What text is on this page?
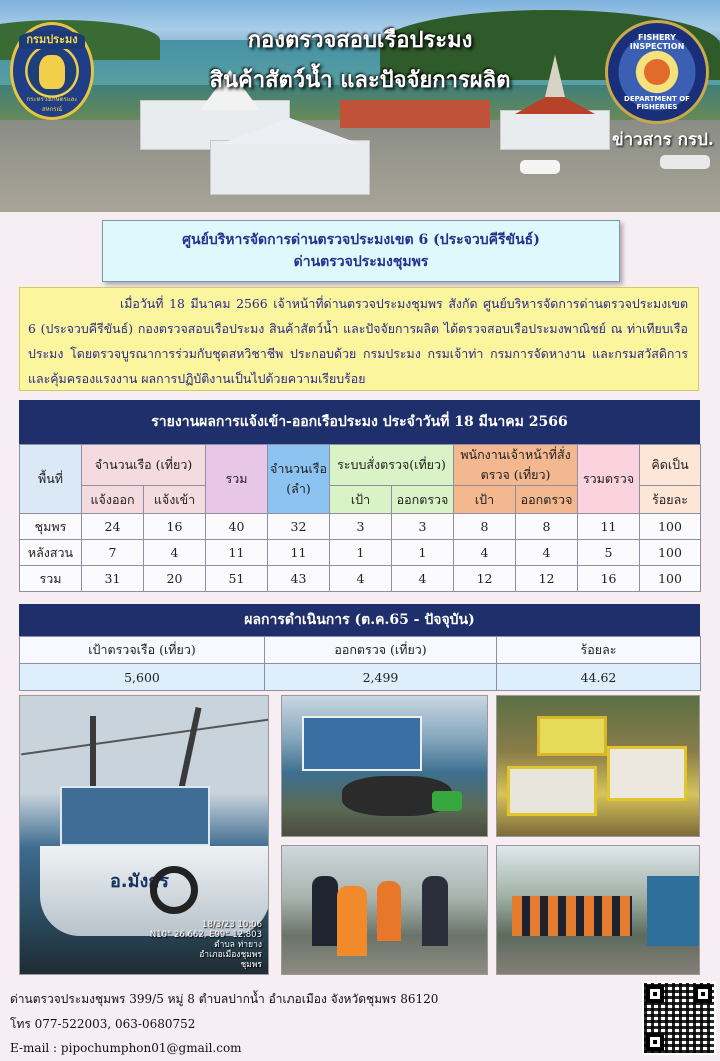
กรมประมง
กระทรวงเกษตรและสหกรณ์
กองตรวจสอบเรือประมง
สินค้าสัตว์น้ำ และปัจจัยการผลิต
FISHERY INSPECTION
DEPARTMENT OF FISHERIES
ข่าวสาร กรป.
ศูนย์บริหารจัดการด่านตรวจประมงเขต 6 (ประจวบคีรีขันธ์)
ด่านตรวจประมงชุมพร

เมื่อวันที่ 18 มีนาคม 2566 เจ้าหน้าที่ด่านตรวจประมงชุมพร สังกัด ศูนย์บริหารจัดการด่านตรวจประมงเขต 6 (ประจวบคีรีขันธ์) กองตรวจสอบเรือประมง สินค้าสัตว์น้ำ และปัจจัยการผลิต ได้ตรวจสอบเรือประมงพาณิชย์ ณ ท่าเทียบเรือประมง โดยตรวจบูรณาการร่วมกับชุดสหวิชาชีพ ประกอบด้วย กรมประมง กรมเจ้าท่า กรมการจัดหางาน และกรมสวัสดิการและคุ้มครองแรงงาน ผลการปฏิบัติงานเป็นไปด้วยความเรียบร้อย

รายงานผลการแจ้งเข้า-ออกเรือประมง ประจำวันที่ 18 มีนาคม 2566
พื้นที่	จำนวนเรือ (เที่ยว)		รวม	จำนวนเรือ (ลำ)	ระบบสั่งตรวจ(เที่ยว)		พนักงานเจ้าหน้าที่สั่งตรวจ (เที่ยว)		รวมตรวจ	คิดเป็น
	แจ้งออก	แจ้งเข้า			เป้า	ออกตรวจ	เป้า	ออกตรวจ		ร้อยละ
ชุมพร	24	16	40	32	3	3	8	8	11	100
หลังสวน	7	4	11	11	1	1	4	4	5	100
รวม	31	20	51	43	4	4	12	12	16	100
ผลการดำเนินการ (ต.ค.65 - ปัจจุบัน)
เป้าตรวจเรือ (เที่ยว)	ออกตรวจ (เที่ยว)	ร้อยละ
5,600	2,499	44.62
อ.มังกร
18/3/23 10:06
N10° 26.662, E99° 12.803
ตำบล ท่ายาง
อำเภอเมืองชุมพร
ชุมพร
ด่านตรวจประมงชุมพร 399/5 หมู่ 8 ตำบลปากน้ำ อำเภอเมือง จังหวัดชุมพร 86120
โทร 077-522003, 063-0680752
E-mail : pipochumphon01@gmail.com
